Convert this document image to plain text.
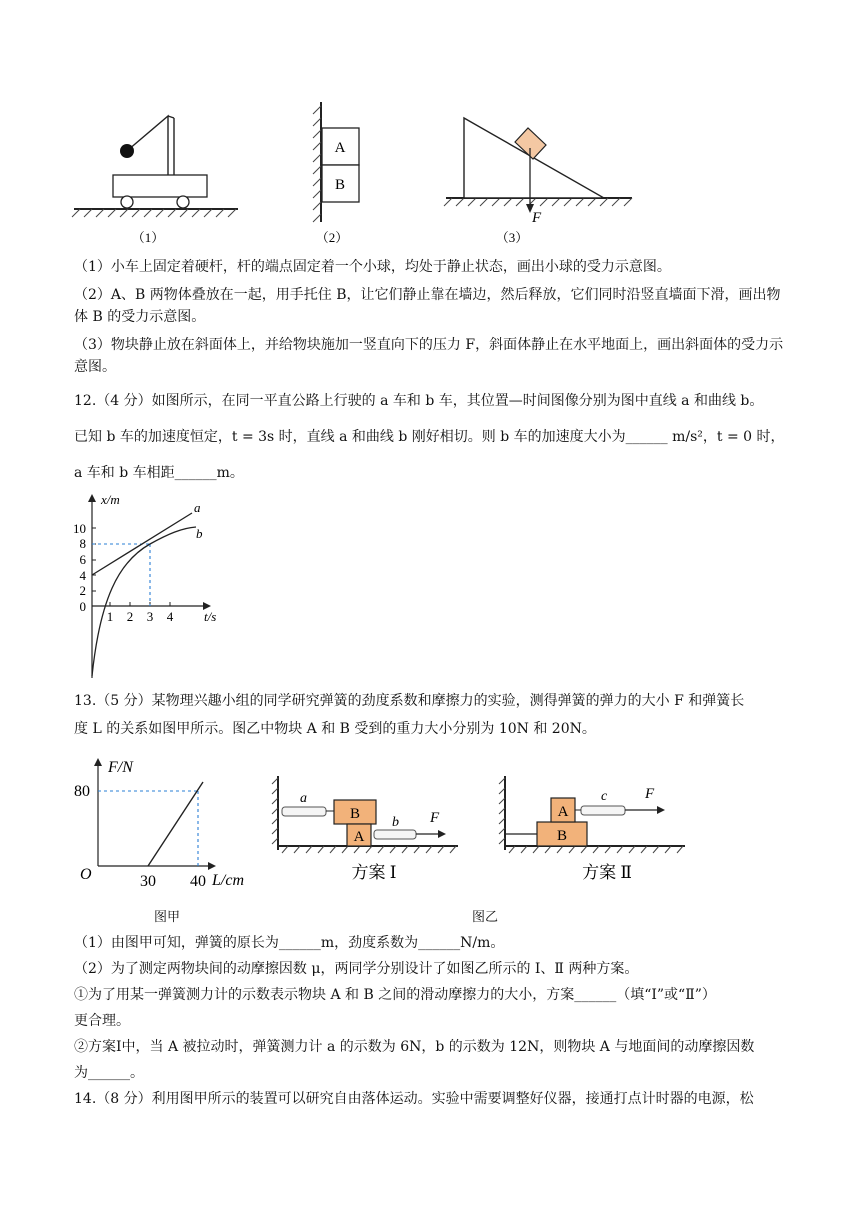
A
B
F
（1）	（2）	（3）
（1）小车上固定着硬杆，杆的端点固定着一个小球，均处于静止状态，画出小球的受力示意图。
（2）A、B 两物体叠放在一起，用手托住 B，让它们静止靠在墙边，然后释放，它们同时沿竖直墙面下滑，画出物体 B 的受力示意图。
（3）物块静止放在斜面体上，并给物块施加一竖直向下的压力 F，斜面体静止在水平地面上，画出斜面体的受力示意图。
12.（4 分）如图所示，在同一平直公路上行驶的 a 车和 b 车，其位置—时间图像分别为图中直线 a 和曲线 b。
已知 b 车的加速度恒定，t = 3s 时，直线 a 和曲线 b 刚好相切。则 b 车的加速度大小为______ m/s²，t = 0 时，
a 车和 b 车相距______m。
x/m
t/s
10
8
6
4
2
0
1 2 3 4
a
b
13.（5 分）某物理兴趣小组的同学研究弹簧的劲度系数和摩擦力的实验，测得弹簧的弹力的大小 F 和弹簧长
度 L 的关系如图甲所示。图乙中物块 A 和 B 受到的重力大小分别为 10N 和 20N。
F/N
L/cm
O
80
30 40
B
A
a
b F
方案 Ⅰ
B
A
c	F
方案 Ⅱ
图甲	图乙
（1）由图甲可知，弹簧的原长为______m，劲度系数为______N/m。
（2）为了测定两物块间的动摩擦因数 μ，两同学分别设计了如图乙所示的 Ⅰ、Ⅱ 两种方案。
①为了用某一弹簧测力计的示数表示物块 A 和 B 之间的滑动摩擦力的大小，方案______（填“Ⅰ”或“Ⅱ”）
更合理。
②方案Ⅰ中，当 A 被拉动时，弹簧测力计 a 的示数为 6N，b 的示数为 12N，则物块 A 与地面间的动摩擦因数
为______。
14.（8 分）利用图甲所示的装置可以研究自由落体运动。实验中需要调整好仪器，接通打点计时器的电源，松
